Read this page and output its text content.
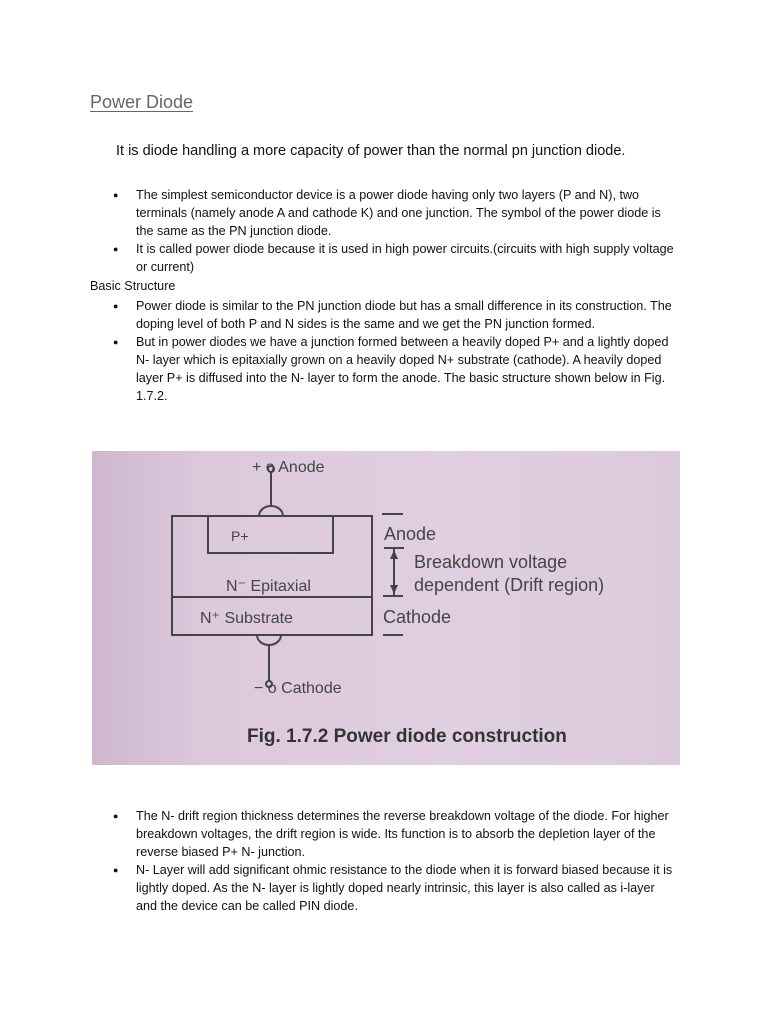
Power Diode
It is diode handling a more capacity of power than the normal pn junction diode.
● The simplest semiconductor device is a power diode having only two layers (P and N), two terminals (namely anode A and cathode K) and one junction. The symbol of the power diode is the same as the PN junction diode.
● It is called power diode because it is used in high power circuits.(circuits with high supply voltage or current)
Basic Structure
● Power diode is similar to the PN junction diode but has a small difference in its construction. The doping level of both P and N sides is the same and we get the PN junction formed.
● But in power diodes we have a junction formed between a heavily doped P+ and a lightly doped N- layer which is epitaxially grown on a heavily doped N+ substrate (cathode). A heavily doped layer P+ is diffused into the N- layer to form the anode. The basic structure shown below in Fig. 1.7.2.
+ o Anode
P+
N⁻ Epitaxial
N⁺ Substrate
Anode
Breakdown voltage
dependent (Drift region)
Cathode
− o Cathode
Fig. 1.7.2 Power diode construction
● The N- drift region thickness determines the reverse breakdown voltage of the diode. For higher breakdown voltages, the drift region is wide. Its function is to absorb the depletion layer of the reverse biased P+ N- junction.
● N- Layer will add significant ohmic resistance to the diode when it is forward biased because it is lightly doped. As the N- layer is lightly doped nearly intrinsic, this layer is also called as i-layer and the device can be called PIN diode.
